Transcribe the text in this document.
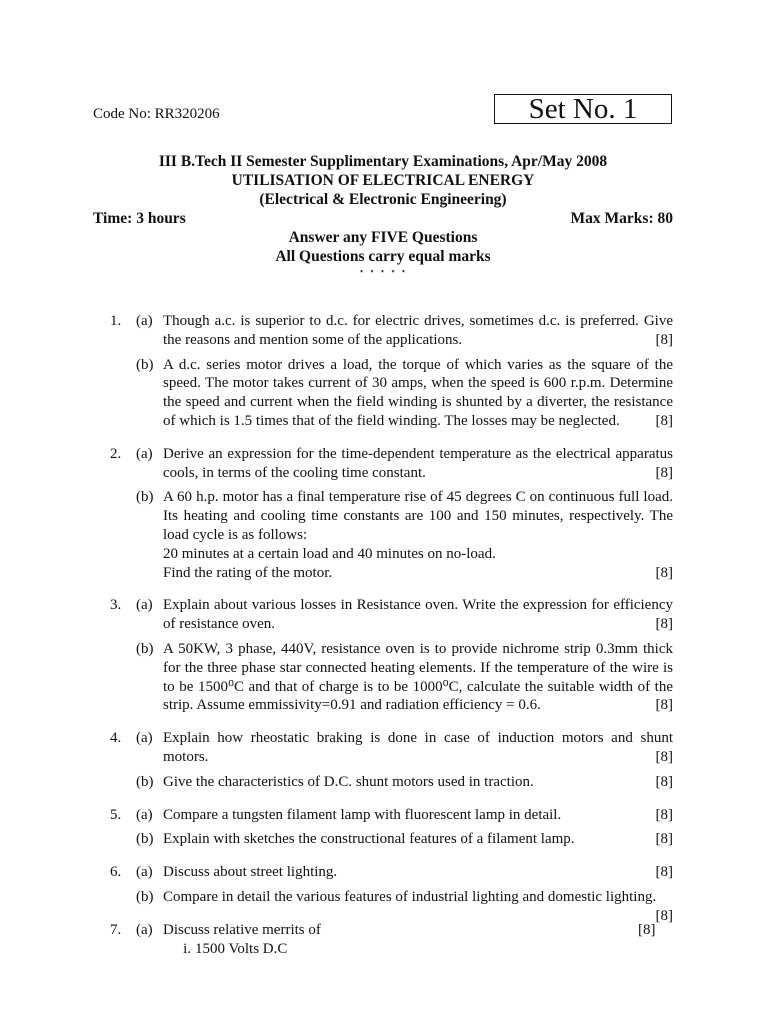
Code No: RR320206	Set No. 1
III B.Tech II Semester Supplimentary Examinations, Apr/May 2008
UTILISATION OF ELECTRICAL ENERGY
(Electrical & Electronic Engineering)
Time: 3 hours	Max Marks: 80
Answer any FIVE Questions
All Questions carry equal marks
⋆ ⋆ ⋆ ⋆ ⋆
1. (a) Though a.c. is superior to d.c. for electric drives, sometimes d.c. is preferred. Give the reasons and mention some of the applications.	[8]
(b) A d.c. series motor drives a load, the torque of which varies as the square of the speed. The motor takes current of 30 amps, when the speed is 600 r.p.m. Determine the speed and current when the field winding is shunted by a diverter, the resistance of which is 1.5 times that of the field winding. The losses may be neglected. [8]
2. (a) Derive an expression for the time-dependent temperature as the electrical apparatus cools, in terms of the cooling time constant.	[8]
(b) A 60 h.p. motor has a final temperature rise of 45 degrees C on continuous full load. Its heating and cooling time constants are 100 and 150 minutes, respectively. The load cycle is as follows:
20 minutes at a certain load and 40 minutes on no-load.
Find the rating of the motor.	[8]
3. (a) Explain about various losses in Resistance oven. Write the expression for efficiency of resistance oven.	[8]
(b) A 50KW, 3 phase, 440V, resistance oven is to provide nichrome strip 0.3mm thick for the three phase star connected heating elements. If the temperature of the wire is to be 1500⁰C and that of charge is to be 1000⁰C, calculate the suitable width of the strip. Assume emmissivity=0.91 and radiation efficiency = 0.6.	[8]
4. (a) Explain how rheostatic braking is done in case of induction motors and shunt motors.	[8]
(b) Give the characteristics of D.C. shunt motors used in traction.	[8]
5. (a) Compare a tungsten filament lamp with fluorescent lamp in detail.	[8]
(b) Explain with sketches the constructional features of a filament lamp.	[8]
6. (a) Discuss about street lighting.	[8]
(b) Compare in detail the various features of industrial lighting and domestic lighting.
[8]
7. (a) Discuss relative merrits of	[8]
i. 1500 Volts D.C
